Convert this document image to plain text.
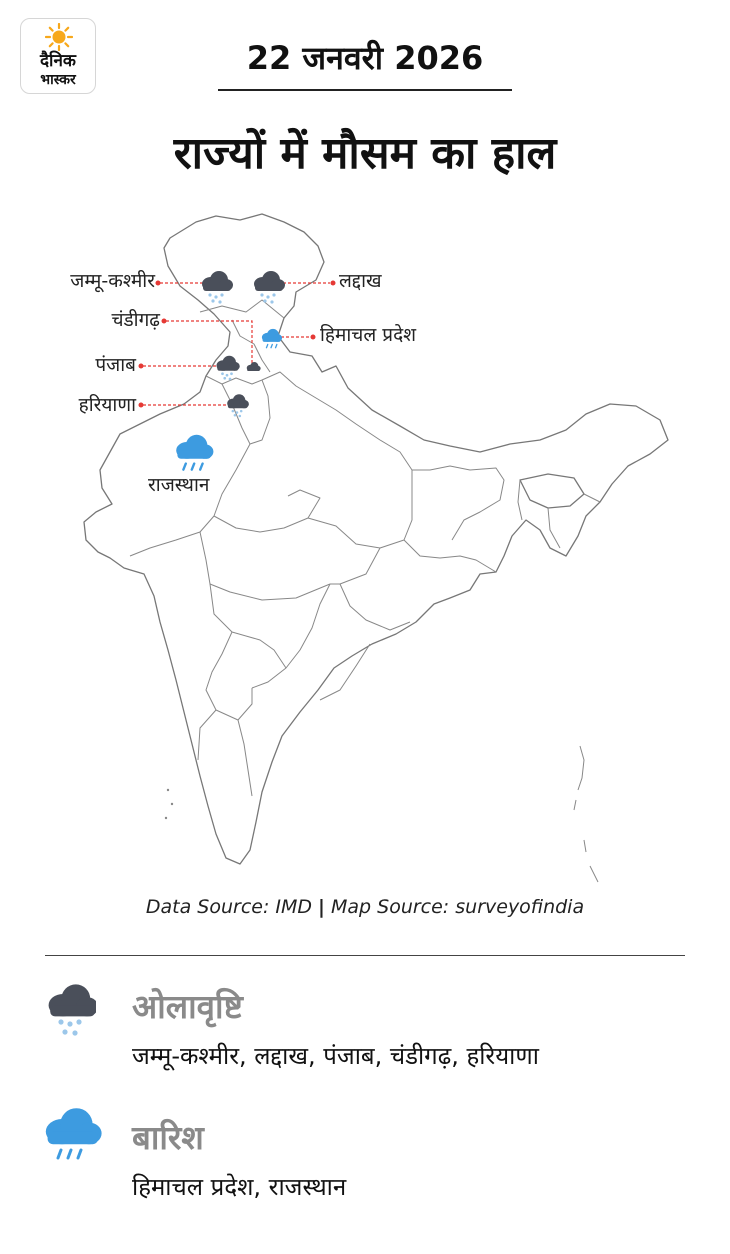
दैनिक
भास्कर
22 जनवरी 2026
राज्यों में मौसम का हाल
जम्मू-कश्मीर	लद्दाख
चंडीगढ़
हिमाचल प्रदेश
पंजाब
हरियाणा
राजस्थान
Data Source: IMD | Map Source: surveyofindia
ओलावृष्टि
जम्मू-कश्मीर, लद्दाख, पंजाब, चंडीगढ़, हरियाणा
बारिश
हिमाचल प्रदेश, राजस्थान
